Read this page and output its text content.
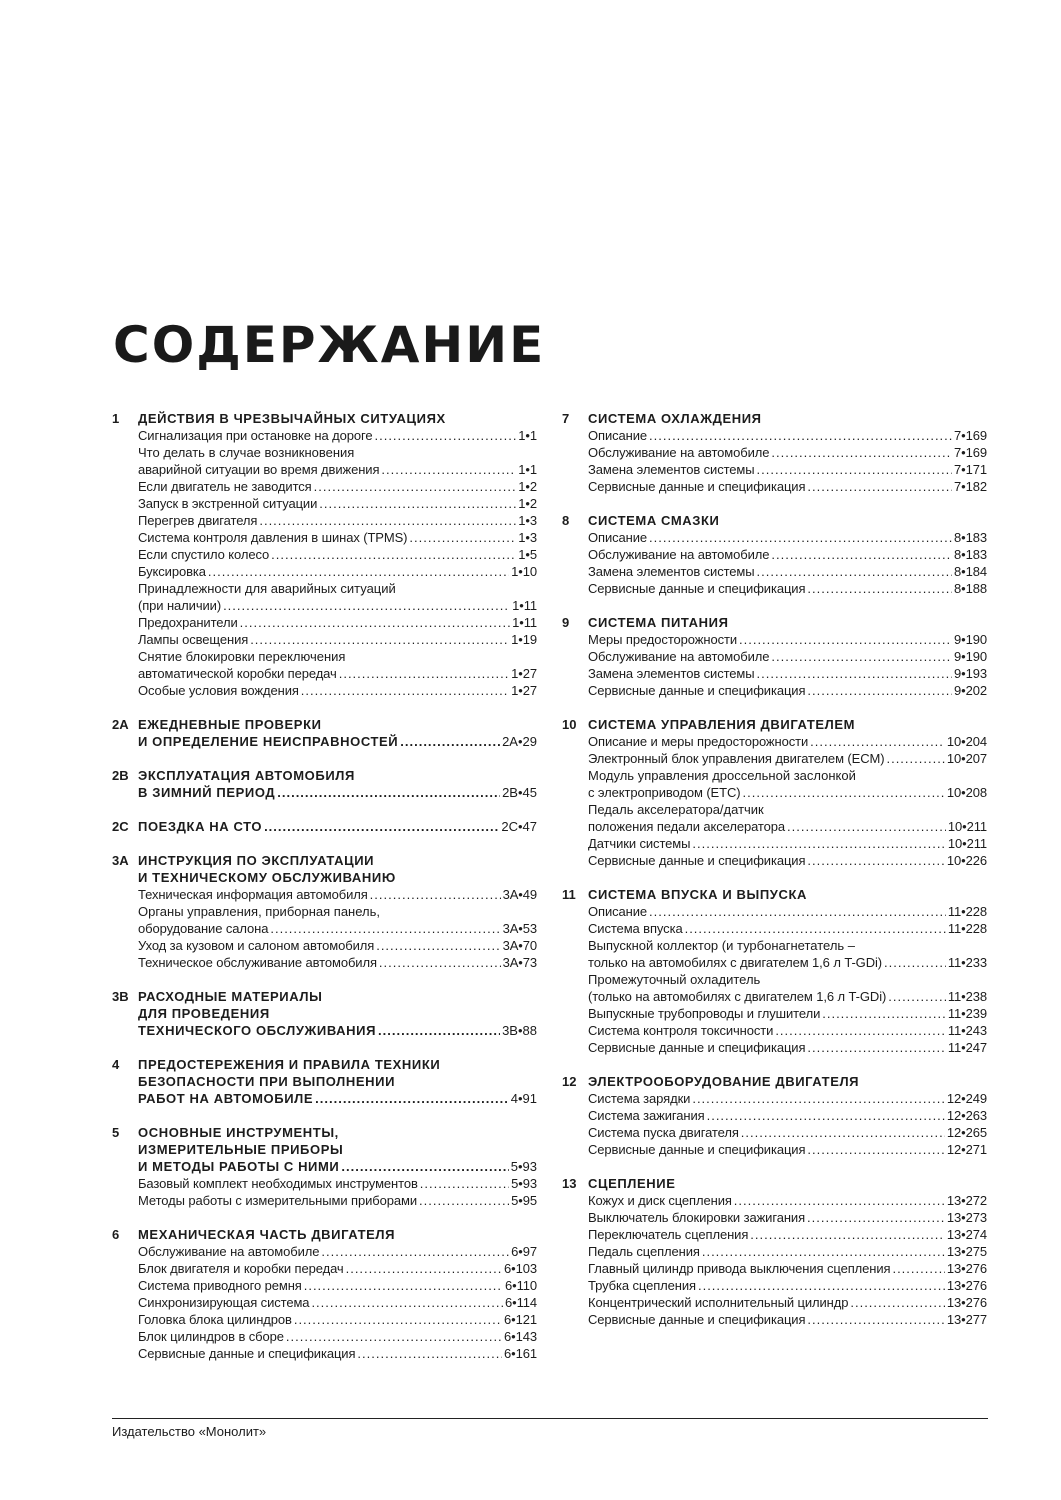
СОДЕРЖАНИЕ
1	ДЕЙСТВИЯ В ЧРЕЗВЫЧАЙНЫХ СИТУАЦИЯХ
Сигнализация при остановке на дороге .....	1•1
Что делать в случае возникновения
аварийной ситуации во время движения .....	1•1
Если двигатель не заводится .....	1•2
Запуск в экстренной ситуации .....	1•2
Перегрев двигателя .....	1•3
Система контроля давления в шинах (TPMS) .....	1•3
Если спустило колесо .....	1•5
Буксировка .....	1•10
Принадлежности для аварийных ситуаций
(при наличии) .....	1•11
Предохранители .....	1•11
Лампы освещения .....	1•19
Снятие блокировки переключения
автоматической коробки передач .....	1•27
Особые условия вождения .....	1•27
2A ЕЖЕДНЕВНЫЕ ПРОВЕРКИ
И ОПРЕДЕЛЕНИЕ НЕИСПРАВНОСТЕЙ .....	2A•29
2B ЭКСПЛУАТАЦИЯ АВТОМОБИЛЯ
В ЗИМНИЙ ПЕРИОД .....	2B•45
2C ПОЕЗДКА НА СТО .....	2C•47
3A ИНСТРУКЦИЯ ПО ЭКСПЛУАТАЦИИ
И ТЕХНИЧЕСКОМУ ОБСЛУЖИВАНИЮ
Техническая информация автомобиля .....	3A•49
Органы управления, приборная панель,
оборудование салона .....	3A•53
Уход за кузовом и салоном автомобиля .....	3A•70
Техническое обслуживание автомобиля .....	3A•73
3B РАСХОДНЫЕ МАТЕРИАЛЫ
ДЛЯ ПРОВЕДЕНИЯ
ТЕХНИЧЕСКОГО ОБСЛУЖИВАНИЯ .....	3B•88
4	ПРЕДОСТЕРЕЖЕНИЯ И ПРАВИЛА ТЕХНИКИ
БЕЗОПАСНОСТИ ПРИ ВЫПОЛНЕНИИ
РАБОТ НА АВТОМОБИЛЕ .....	4•91
5	ОСНОВНЫЕ ИНСТРУМЕНТЫ,
ИЗМЕРИТЕЛЬНЫЕ ПРИБОРЫ
И МЕТОДЫ РАБОТЫ С НИМИ .....	5•93
Базовый комплект необходимых инструментов .....	5•93
Методы работы с измерительными приборами .....	5•95
6	МЕХАНИЧЕСКАЯ ЧАСТЬ ДВИГАТЕЛЯ
Обслуживание на автомобиле .....	6•97
Блок двигателя и коробки передач .....	6•103
Система приводного ремня .....	6•110
Синхронизирующая система .....	6•114
Головка блока цилиндров .....	6•121
Блок цилиндров в сборе .....	6•143
Сервисные данные и спецификация .....	6•161
7	СИСТЕМА ОХЛАЖДЕНИЯ
Описание .....	7•169
Обслуживание на автомобиле .....	7•169
Замена элементов системы .....	7•171
Сервисные данные и спецификация .....	7•182
8	СИСТЕМА СМАЗКИ
Описание .....	8•183
Обслуживание на автомобиле .....	8•183
Замена элементов системы .....	8•184
Сервисные данные и спецификация .....	8•188
9	СИСТЕМА ПИТАНИЯ
Меры предосторожности .....	9•190
Обслуживание на автомобиле .....	9•190
Замена элементов системы .....	9•193
Сервисные данные и спецификация .....	9•202
10 СИСТЕМА УПРАВЛЕНИЯ ДВИГАТЕЛЕМ
Описание и меры предосторожности .....	10•204
Электронный блок управления двигателем (ECM) .....	10•207
Модуль управления дроссельной заслонкой
с электроприводом (ETC) .....	10•208
Педаль акселератора/датчик
положения педали акселератора .....	10•211
Датчики системы .....	10•211
Сервисные данные и спецификация .....	10•226
11 СИСТЕМА ВПУСКА И ВЫПУСКА
Описание .....	11•228
Система впуска .....	11•228
Выпускной коллектор (и турбонагнетатель –
только на автомобилях с двигателем 1,6 л T-GDi) .....	11•233
Промежуточный охладитель
(только на автомобилях с двигателем 1,6 л T-GDi) .....	11•238
Выпускные трубопроводы и глушители .....	11•239
Система контроля токсичности .....	11•243
Сервисные данные и спецификация .....	11•247
12 ЭЛЕКТРООБОРУДОВАНИЕ ДВИГАТЕЛЯ
Система зарядки .....	12•249
Система зажигания .....	12•263
Система пуска двигателя .....	12•265
Сервисные данные и спецификация .....	12•271
13 СЦЕПЛЕНИЕ
Кожух и диск сцепления .....	13•272
Выключатель блокировки зажигания .....	13•273
Переключатель сцепления .....	13•274
Педаль сцепления .....	13•275
Главный цилиндр привода выключения сцепления .....	13•276
Трубка сцепления .....	13•276
Концентрический исполнительный цилиндр .....	13•276
Сервисные данные и спецификация .....	13•277
Издательство «Монолит»
